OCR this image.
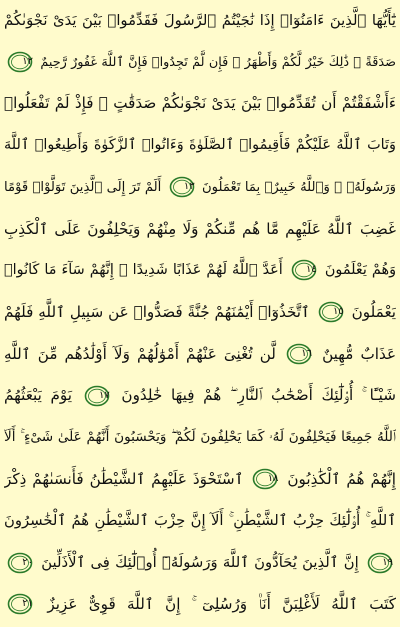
يَٰٓأَيُّهَا ٱلَّذِينَ ءَامَنُوٓا۟ إِذَا نَٰجَيْتُمُ ٱلرَّسُولَ فَقَدِّمُوا۟ بَيْنَ يَدَىْ نَجْوَىٰكُمْ
صَدَقَةً ۚ ذَٰلِكَ خَيْرٌ لَّكُمْ وَأَطْهَرُ ۚ فَإِن لَّمْ تَجِدُوا۟ فَإِنَّ ٱللَّهَ غَفُورٌ رَّحِيمٌ
١٢
ءَأَشْفَقْتُمْ أَن تُقَدِّمُوا۟ بَيْنَ يَدَىْ نَجْوَىٰكُمْ صَدَقَٰتٍ ۚ فَإِذْ لَمْ تَفْعَلُوا۟
وَتَابَ ٱللَّهُ عَلَيْكُمْ فَأَقِيمُوا۟ ٱلصَّلَوٰةَ وَءَاتُوا۟ ٱلزَّكَوٰةَ وَأَطِيعُوا۟ ٱللَّهَ
وَرَسُولَهُۥ ۚ وَٱللَّهُ خَبِيرٌۢ بِمَا تَعْمَلُونَ
١٣ أَلَمْ تَرَ إِلَى ٱلَّذِينَ تَوَلَّوْا۟ قَوْمًا
غَضِبَ ٱللَّهُ عَلَيْهِم مَّا هُم مِّنكُمْ وَلَا مِنْهُمْ وَيَحْلِفُونَ عَلَى ٱلْكَذِبِ
وَهُمْ يَعْلَمُونَ
١٤ أَعَدَّ ٱللَّهُ لَهُمْ عَذَابًا شَدِيدًا ۖ إِنَّهُمْ سَآءَ مَا كَانُوا۟
يَعْمَلُونَ
١٥ ٱتَّخَذُوٓا۟ أَيْمَٰنَهُمْ جُنَّةً فَصَدُّوا۟ عَن سَبِيلِ ٱللَّهِ فَلَهُمْ
عَذَابٌ مُّهِينٌ
١٦ لَّن تُغْنِىَ عَنْهُمْ أَمْوَٰلُهُمْ وَلَآ أَوْلَٰدُهُم مِّنَ ٱللَّهِ
شَيْـًٔا ۚ أُو۟لَٰٓئِكَ أَصْحَٰبُ ٱلنَّارِ ۖ هُمْ فِيهَا خَٰلِدُونَ
١٧ يَوْمَ يَبْعَثُهُمُ
ٱللَّهُ جَمِيعًا فَيَحْلِفُونَ لَهُۥ كَمَا يَحْلِفُونَ لَكُمْ ۖ وَيَحْسَبُونَ أَنَّهُمْ عَلَىٰ شَىْءٍ ۚ أَلَآ
إِنَّهُمْ هُمُ ٱلْكَٰذِبُونَ
١٨ ٱسْتَحْوَذَ عَلَيْهِمُ ٱلشَّيْطَٰنُ فَأَنسَىٰهُمْ ذِكْرَ
ٱللَّهِ ۚ أُو۟لَٰٓئِكَ حِزْبُ ٱلشَّيْطَٰنِ ۚ أَلَآ إِنَّ حِزْبَ ٱلشَّيْطَٰنِ هُمُ ٱلْخَٰسِرُونَ
١٩ إِنَّ ٱلَّذِينَ يُحَآدُّونَ ٱللَّهَ وَرَسُولَهُۥٓ أُو۟لَٰٓئِكَ فِى ٱلْأَذَلِّينَ
٢٠
كَتَبَ ٱللَّهُ لَأَغْلِبَنَّ أَنَا۠ وَرُسُلِىٓ ۚ إِنَّ ٱللَّهَ قَوِىٌّ عَزِيزٌ
٢١
